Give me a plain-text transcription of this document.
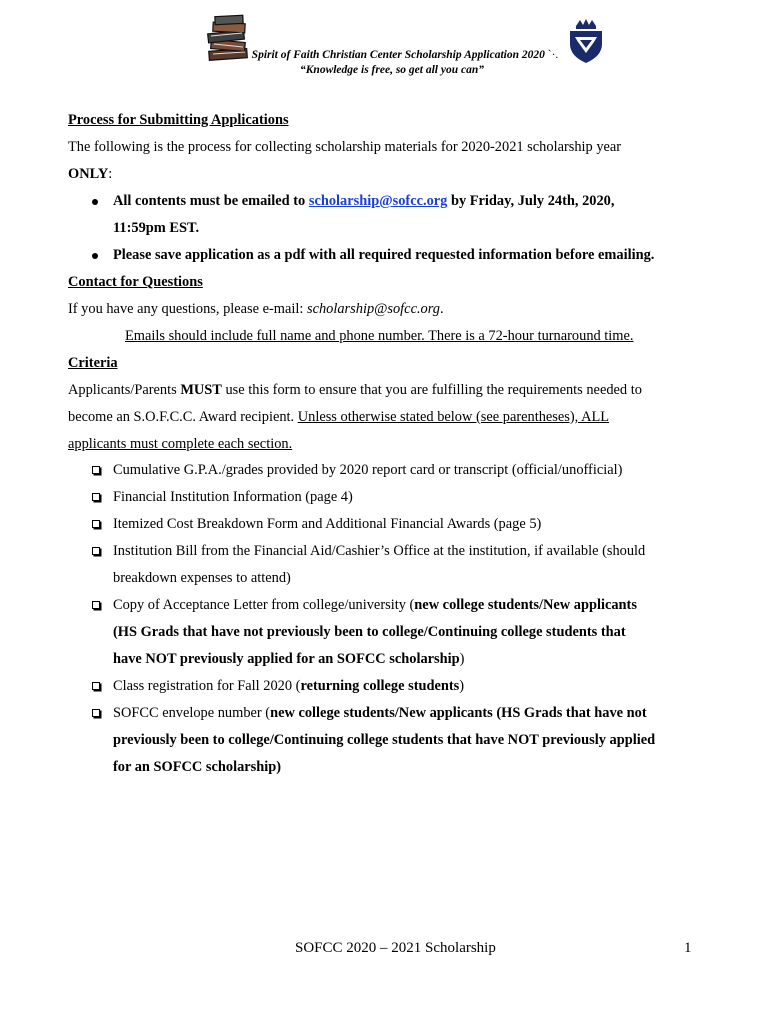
Spirit of Faith Christian Center Scholarship Application 2020 `·.
“Knowledge is free, so get all you can”
Process for Submitting Applications
The following is the process for collecting scholarship materials for 2020-2021 scholarship year
ONLY:
All contents must be emailed to scholarship@sofcc.org by Friday, July 24th, 2020,
11:59pm EST.
Please save application as a pdf with all required requested information before emailing.
Contact for Questions
If you have any questions, please e-mail: scholarship@sofcc.org.
Emails should include full name and phone number. There is a 72-hour turnaround time.
Criteria
Applicants/Parents MUST use this form to ensure that you are fulfilling the requirements needed to
become an S.O.F.C.C. Award recipient. Unless otherwise stated below (see parentheses), ALL
applicants must complete each section.
Cumulative G.P.A./grades provided by 2020 report card or transcript (official/unofficial)
Financial Institution Information (page 4)
Itemized Cost Breakdown Form and Additional Financial Awards (page 5)
Institution Bill from the Financial Aid/Cashier’s Office at the institution, if available (should
breakdown expenses to attend)
Copy of Acceptance Letter from college/university (new college students/New applicants
(HS Grads that have not previously been to college/Continuing college students that
have NOT previously applied for an SOFCC scholarship)
Class registration for Fall 2020 (returning college students)
SOFCC envelope number (new college students/New applicants (HS Grads that have not
previously been to college/Continuing college students that have NOT previously applied
for an SOFCC scholarship)
SOFCC 2020 – 2021 Scholarship	1
